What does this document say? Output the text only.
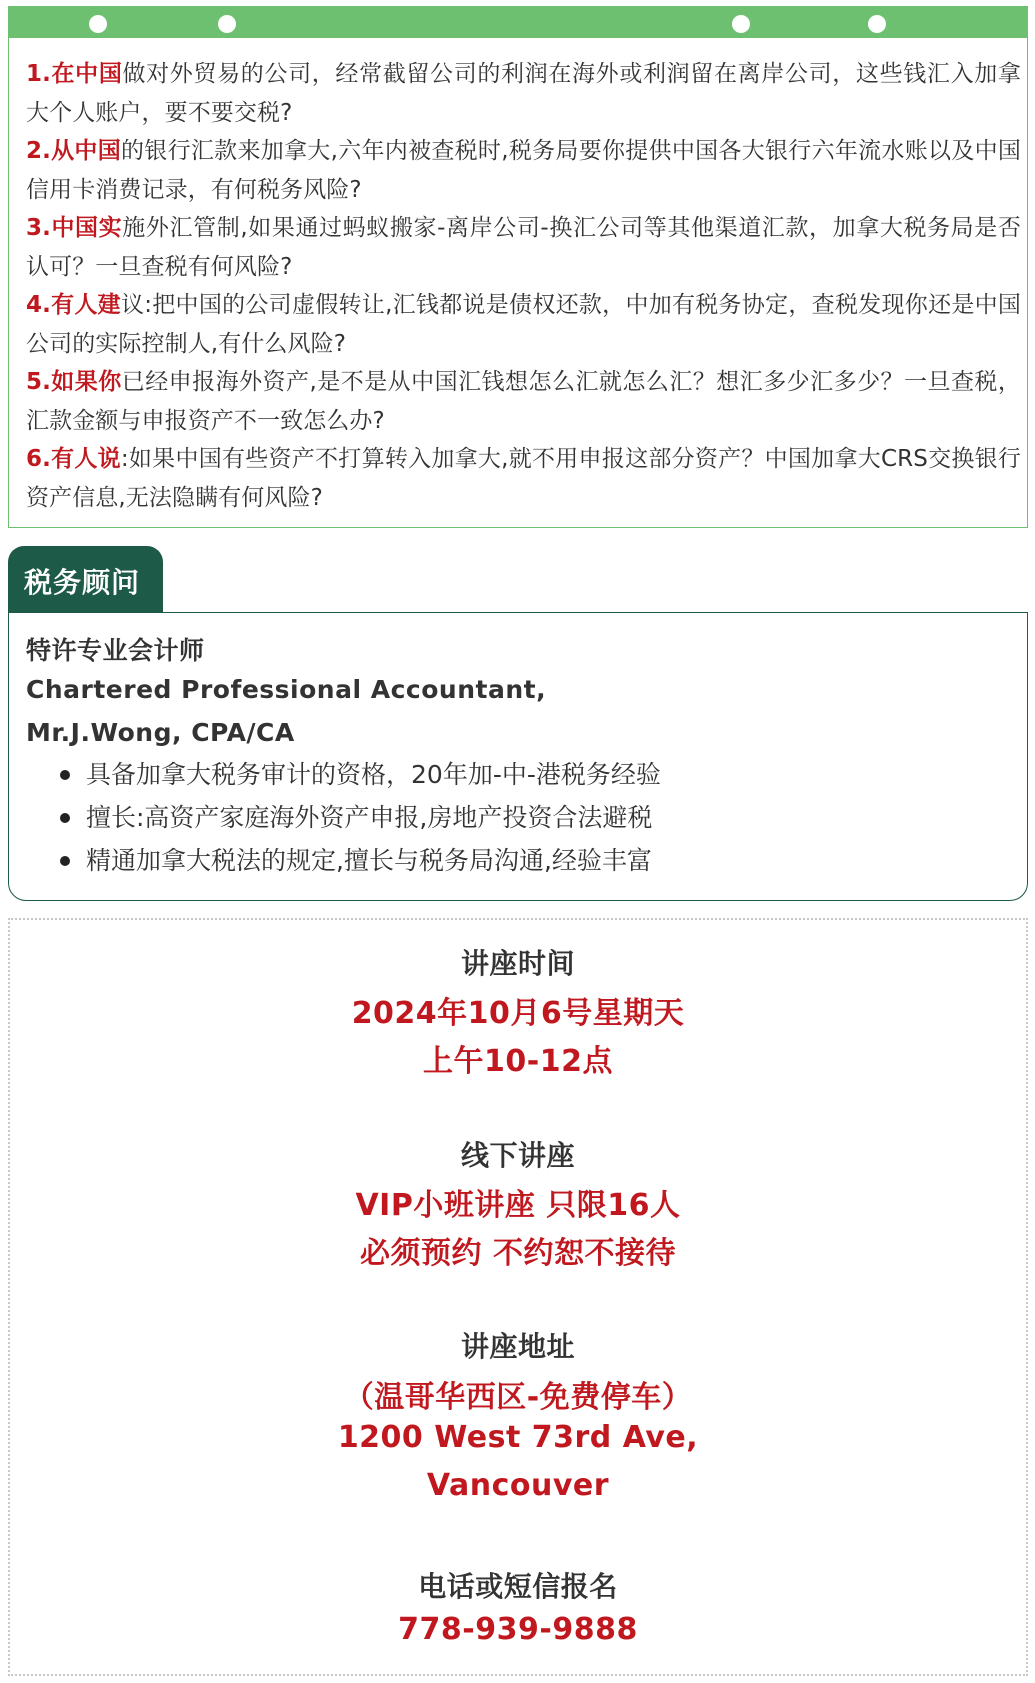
1.在中国做对外贸易的公司，经常截留公司的利润在海外或利润留在离岸公司，这些钱汇入加拿大个人账户，要不要交税?

2.从中国的银行汇款来加拿大,六年内被查税时,税务局要你提供中国各大银行六年流水账以及中国信用卡消费记录，有何税务风险?

3.中国实施外汇管制,如果通过蚂蚁搬家-离岸公司-换汇公司等其他渠道汇款，加拿大税务局是否认可？一旦查税有何风险?

4.有人建议:把中国的公司虚假转让,汇钱都说是债权还款，中加有税务协定，查税发现你还是中国公司的实际控制人,有什么风险?

5.如果你已经申报海外资产,是不是从中国汇钱想怎么汇就怎么汇？想汇多少汇多少？一旦查税，汇款金额与申报资产不一致怎么办?

6.有人说:如果中国有些资产不打算转入加拿大,就不用申报这部分资产？中国加拿大CRS交换银行资产信息,无法隐瞒有何风险?

税务顾问
特许专业会计师
Chartered Professional Accountant,
Mr.J.Wong, CPA/CA
具备加拿大税务审计的资格，20年加-中-港税务经验
擅长:高资产家庭海外资产申报,房地产投资合法避税
精通加拿大税法的规定,擅长与税务局沟通,经验丰富
讲座时间
2024年10月6号星期天
上午10-12点
线下讲座
VIP小班讲座 只限16人
必须预约 不约恕不接待
讲座地址
（温哥华西区-免费停车）
1200 West 73rd Ave,
Vancouver
电话或短信报名
778-939-9888
